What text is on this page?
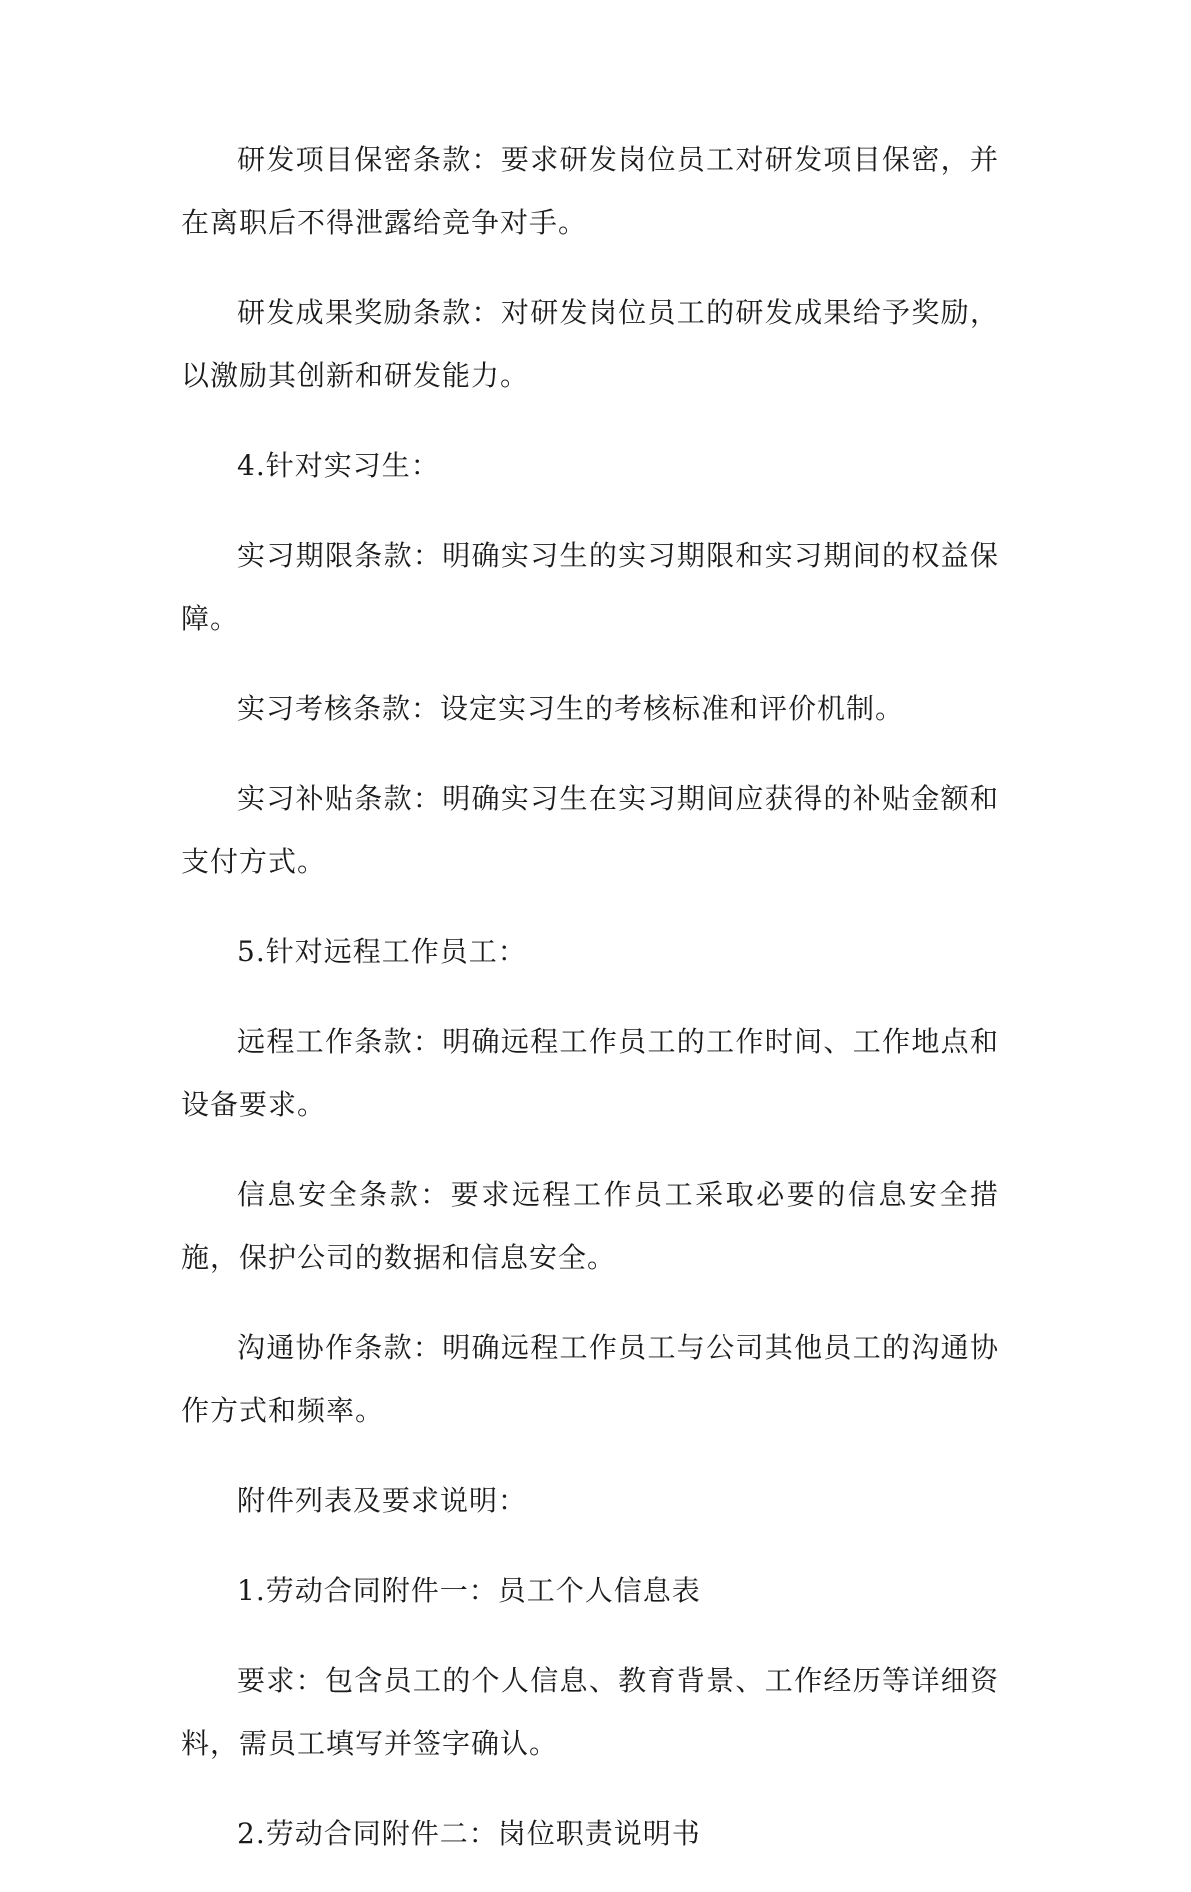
研发项目保密条款：要求研发岗位员工对研发项目保密，并在离职后不得泄露给竞争对手。

研发成果奖励条款：对研发岗位员工的研发成果给予奖励，以激励其创新和研发能力。

4.针对实习生：

实习期限条款：明确实习生的实习期限和实习期间的权益保障。

实习考核条款：设定实习生的考核标准和评价机制。

实习补贴条款：明确实习生在实习期间应获得的补贴金额和支付方式。

5.针对远程工作员工：

远程工作条款：明确远程工作员工的工作时间、工作地点和设备要求。

信息安全条款：要求远程工作员工采取必要的信息安全措施，保护公司的数据和信息安全。

沟通协作条款：明确远程工作员工与公司其他员工的沟通协作方式和频率。

附件列表及要求说明：

1.劳动合同附件一：员工个人信息表

要求：包含员工的个人信息、教育背景、工作经历等详细资料，需员工填写并签字确认。

2.劳动合同附件二：岗位职责说明书
